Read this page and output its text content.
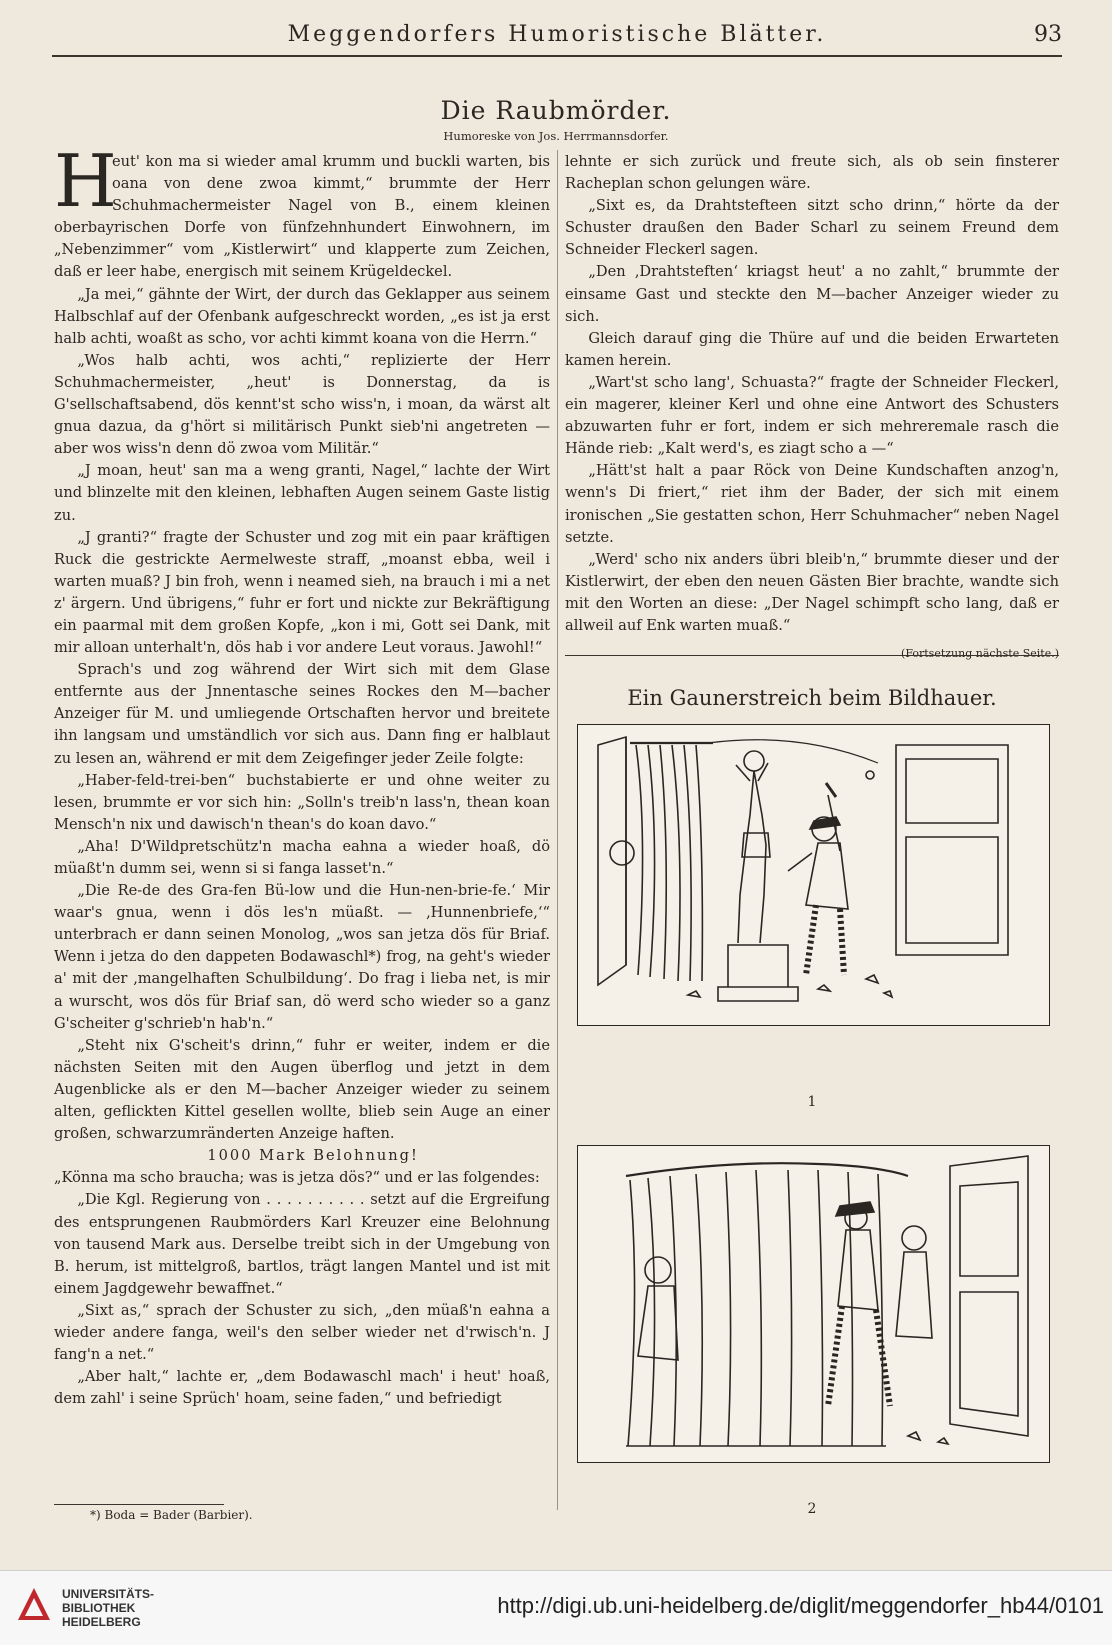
Meggendorfers Humoristische Blätter.	93
Die Raubmörder.
Humoreske von Jos. Herrmannsdorfer.
H

eut' kon ma si wieder amal krumm und buckli warten, bis oana von dene zwoa kimmt,“ brummte der Herr Schuhmachermeister Nagel von B., einem kleinen oberbayrischen Dorfe von fünfzehnhundert Einwohnern, im „Nebenzimmer“ vom „Kistlerwirt“ und klapperte zum Zeichen, daß er leer habe, energisch mit seinem Krügeldeckel.

„Ja mei,“ gähnte der Wirt, der durch das Geklapper aus seinem Halbschlaf auf der Ofenbank aufgeschreckt worden, „es ist ja erst halb achti, woaßt as scho, vor achti kimmt koana von die Herrn.“

„Wos halb achti, wos achti,“ replizierte der Herr Schuhmachermeister, „heut' is Donnerstag, da is G'sellschaftsabend, dös kennt'st scho wiss'n, i moan, da wärst alt gnua dazua, da g'hört si militärisch Punkt sieb'ni angetreten — aber wos wiss'n denn dö zwoa vom Militär.“

„J moan, heut' san ma a weng granti, Nagel,“ lachte der Wirt und blinzelte mit den kleinen, lebhaften Augen seinem Gaste listig zu.

„J granti?“ fragte der Schuster und zog mit ein paar kräftigen Ruck die gestrickte Aermelweste straff, „moanst ebba, weil i warten muaß? J bin froh, wenn i neamed sieh, na brauch i mi a net z' ärgern. Und übrigens,“ fuhr er fort und nickte zur Bekräftigung ein paarmal mit dem großen Kopfe, „kon i mi, Gott sei Dank, mit mir alloan unterhalt'n, dös hab i vor andere Leut voraus. Jawohl!“

Sprach's und zog während der Wirt sich mit dem Glase entfernte aus der Jnnentasche seines Rockes den M—bacher Anzeiger für M. und umliegende Ortschaften hervor und breitete ihn langsam und umständlich vor sich aus. Dann fing er halblaut zu lesen an, während er mit dem Zeigefinger jeder Zeile folgte:

„Haber-feld-trei-ben“ buchstabierte er und ohne weiter zu lesen, brummte er vor sich hin: „Solln's treib'n lass'n, thean koan Mensch'n nix und dawisch'n thean's do koan davo.“

„Aha! D'Wildpretschütz'n macha eahna a wieder hoaß, dö müaßt'n dumm sei, wenn si si fanga lasset'n.“

„Die Re-de des Gra-fen Bü-low und die Hun-nen-brie-fe.‘ Mir waar's gnua, wenn i dös les'n müaßt. — ‚Hunnenbriefe,‘“ unterbrach er dann seinen Monolog, „wos san jetza dös für Briaf. Wenn i jetza do den dappeten Bodawaschl*) frog, na geht's wieder a' mit der ‚mangelhaften Schulbildung‘. Do frag i lieba net, is mir a wurscht, wos dös für Briaf san, dö werd scho wieder so a ganz G'scheiter g'schrieb'n hab'n.“

„Steht nix G'scheit's drinn,“ fuhr er weiter, indem er die nächsten Seiten mit den Augen überflog und jetzt in dem Augenblicke als er den M—bacher Anzeiger wieder zu seinem alten, geflickten Kittel gesellen wollte, blieb sein Auge an einer großen, schwarzumränderten Anzeige haften.

1000 Mark Belohnung!

„Könna ma scho braucha; was is jetza dös?“ und er las folgendes:

„Die Kgl. Regierung von . . . . . . . . . . setzt auf die Ergreifung des entsprungenen Raubmörders Karl Kreuzer eine Belohnung von tausend Mark aus. Derselbe treibt sich in der Umgebung von B. herum, ist mittelgroß, bartlos, trägt langen Mantel und ist mit einem Jagdgewehr bewaffnet.“

„Sixt as,“ sprach der Schuster zu sich, „den müaß'n eahna a wieder andere fanga, weil's den selber wieder net d'rwisch'n. J fang'n a net.“

„Aber halt,“ lachte er, „dem Bodawaschl mach' i heut' hoaß, dem zahl' i seine Sprüch' hoam, seine faden,“ und befriedigt

lehnte er sich zurück und freute sich, als ob sein finsterer Racheplan schon gelungen wäre.

„Sixt es, da Drahtstefteen sitzt scho drinn,“ hörte da der Schuster draußen den Bader Scharl zu seinem Freund dem Schneider Fleckerl sagen.

„Den ‚Drahtsteften‘ kriagst heut' a no zahlt,“ brummte der einsame Gast und steckte den M—bacher Anzeiger wieder zu sich.

Gleich darauf ging die Thüre auf und die beiden Erwarteten kamen herein.

„Wart'st scho lang', Schuasta?“ fragte der Schneider Fleckerl, ein magerer, kleiner Kerl und ohne eine Antwort des Schusters abzuwarten fuhr er fort, indem er sich mehreremale rasch die Hände rieb: „Kalt werd's, es ziagt scho a —“

„Hätt'st halt a paar Röck von Deine Kundschaften anzog'n, wenn's Di friert,“ riet ihm der Bader, der sich mit einem ironischen „Sie gestatten schon, Herr Schuhmacher“ neben Nagel setzte.

„Werd' scho nix anders übri bleib'n,“ brummte dieser und der Kistlerwirt, der eben den neuen Gästen Bier brachte, wandte sich mit den Worten an diese: „Der Nagel schimpft scho lang, daß er allweil auf Enk warten muaß.“

(Fortsetzung nächste Seite.)
Ein Gaunerstreich beim Bildhauer.
1
2
*) Boda = Bader (Barbier).
UNIVERSITÄTS-
BIBLIOTHEK
HEIDELBERG
http://digi.ub.uni-heidelberg.de/diglit/meggendorfer_hb44/0101
